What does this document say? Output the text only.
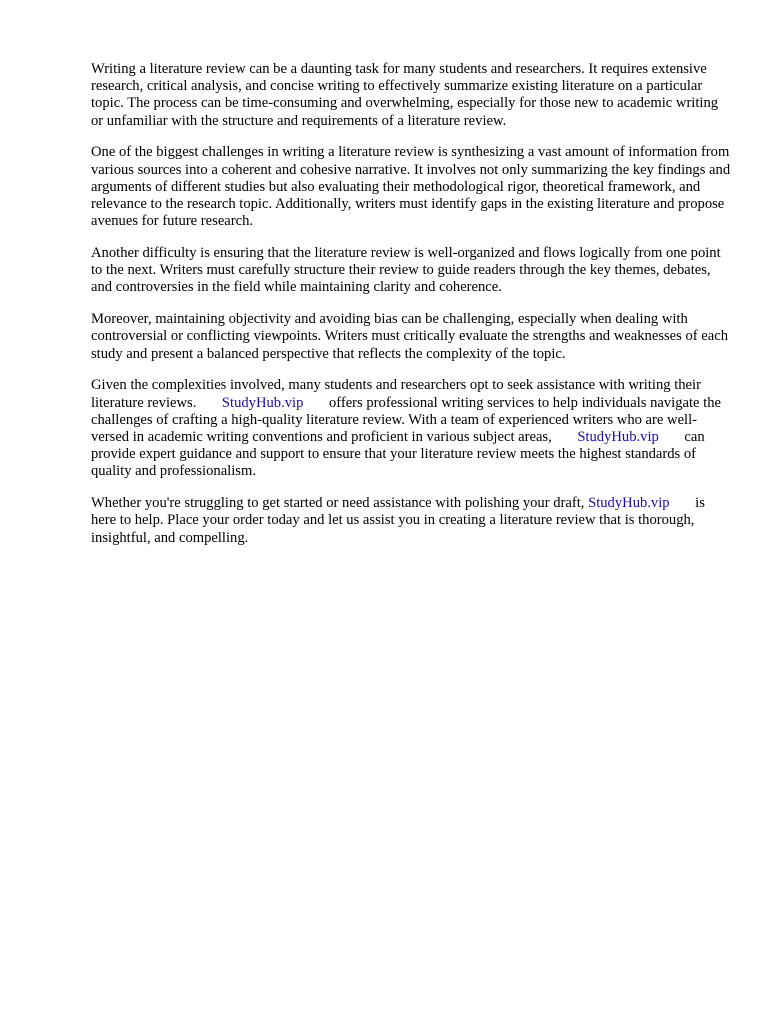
Writing a literature review can be a daunting task for many students and researchers. It requires extensive research, critical analysis, and concise writing to effectively summarize existing literature on a particular topic. The process can be time-consuming and overwhelming, especially for those new to academic writing or unfamiliar with the structure and requirements of a literature review.

One of the biggest challenges in writing a literature review is synthesizing a vast amount of information from various sources into a coherent and cohesive narrative. It involves not only summarizing the key findings and arguments of different studies but also evaluating their methodological rigor, theoretical framework, and relevance to the research topic. Additionally, writers must identify gaps in the existing literature and propose avenues for future research.

Another difficulty is ensuring that the literature review is well-organized and flows logically from one point to the next. Writers must carefully structure their review to guide readers through the key themes, debates, and controversies in the field while maintaining clarity and coherence.

Moreover, maintaining objectivity and avoiding bias can be challenging, especially when dealing with controversial or conflicting viewpoints. Writers must critically evaluate the strengths and weaknesses of each study and present a balanced perspective that reflects the complexity of the topic.

Given the complexities involved, many students and researchers opt to seek assistance with writing their literature reviews. StudyHub.vip offers professional writing services to help individuals navigate the challenges of crafting a high-quality literature review. With a team of experienced writers who are well-versed in academic writing conventions and proficient in various subject areas, StudyHub.vip can provide expert guidance and support to ensure that your literature review meets the highest standards of quality and professionalism.

Whether you're struggling to get started or need assistance with polishing your draft, StudyHub.vip is here to help. Place your order today and let us assist you in creating a literature review that is thorough, insightful, and compelling.
